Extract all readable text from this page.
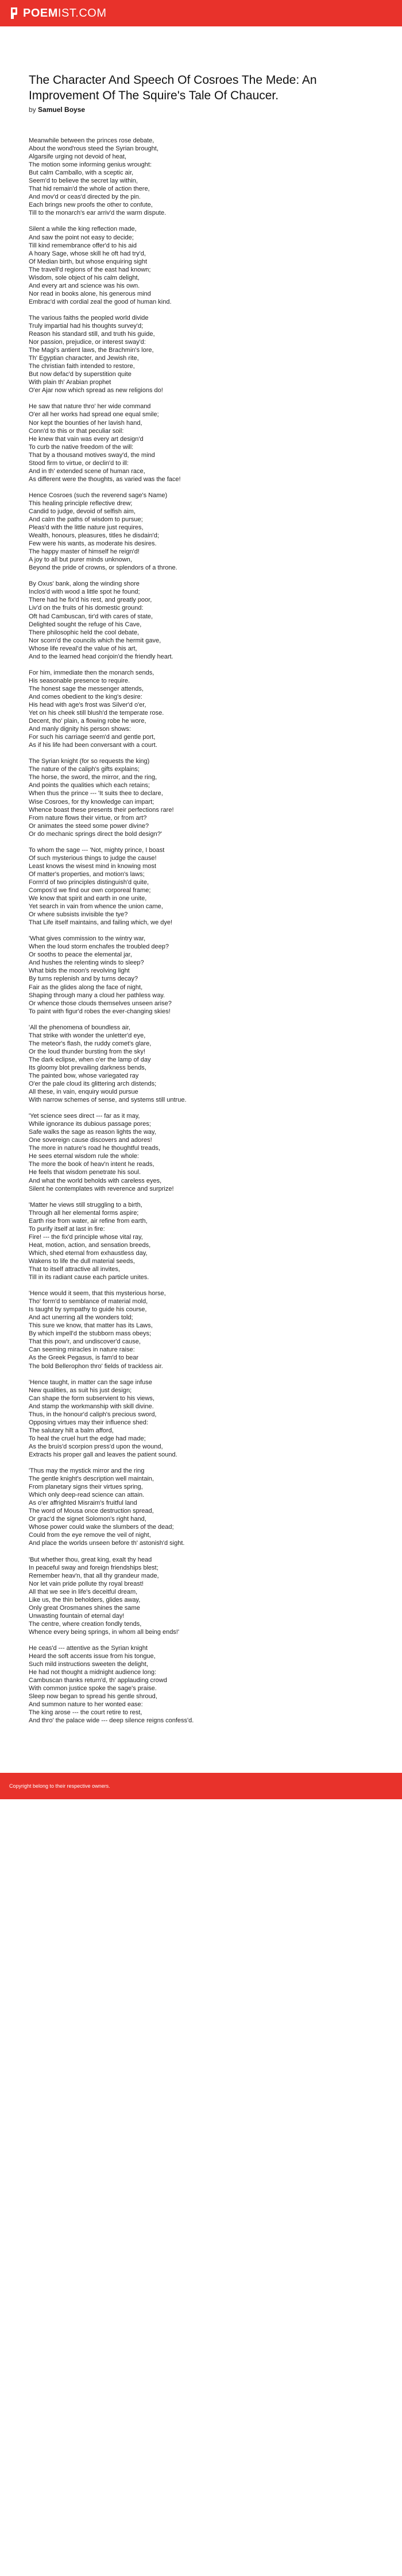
POEMIST.COM
The Character And Speech Of Cosroes The Mede: An Improvement Of The Squire's Tale Of Chaucer.
by Samuel Boyse
Meanwhile between the princes rose debate,
About the wond'rous steed the Syrian brought,
Algarsife urging not devoid of heat,
The motion some informing genius wrought:
But calm Camballo, with a sceptic air,
Seem'd to believe the secret lay within,
That hid remain'd the whole of action there,
And mov'd or ceas'd directed by the pin.
Each brings new proofs the other to confute,
Till to the monarch's ear arriv'd the warm dispute.
Silent a while the king reflection made,
And saw the point not easy to decide;
Till kind remembrance offer'd to his aid
A hoary Sage, whose skill he oft had try'd,
Of Median birth, but whose enquiring sight
The travell'd regions of the east had known;
Wisdom, sole object of his calm delight,
And every art and science was his own.
Nor read in books alone, his generous mind
Embrac'd with cordial zeal the good of human kind.
The various faiths the peopled world divide
Truly impartial had his thoughts survey'd;
Reason his standard still, and truth his guide,
Nor passion, prejudice, or interest sway'd:
The Magi's antient laws, the Brachmin's lore,
Th' Egyptian character, and Jewish rite,
The christian faith intended to restore,
But now defac'd by superstition quite
With plain th' Arabian prophet
O'er Ajar now which spread as new religions do!
He saw that nature thro' her wide command
O'er all her works had spread one equal smile;
Nor kept the bounties of her lavish hand,
Conn'd to this or that peculiar soil:
He knew that vain was every art design'd
To curb the native freedom of the will:
That by a thousand motives sway'd, the mind
Stood firm to virtue, or declin'd to ill:
And in th' extended scene of human race,
As different were the thoughts, as varied was the face!
Hence Cosroes (such the reverend sage's Name)
This healing principle reflective drew;
Candid to judge, devoid of selfish aim,
And calm the paths of wisdom to pursue;
Pleas'd with the little nature just requires,
Wealth, honours, pleasures, titles he disdain'd;
Few were his wants, as moderate his desires.
The happy master of himself he reign'd!
A joy to all but purer minds unknown,
Beyond the pride of crowns, or splendors of a throne.
By Oxus' bank, along the winding shore
Inclos'd with wood a little spot he found;
There had he fix'd his rest, and greatly poor,
Liv'd on the fruits of his domestic ground:
Oft had Cambuscan, tir'd with cares of state,
Delighted sought the refuge of his Cave,
There philosophic held the cool debate,
Nor scorn'd the councils which the hermit gave,
Whose life reveal'd the value of his art,
And to the learned head conjoin'd the friendly heart.
For him, immediate then the monarch sends,
His seasonable presence to require.
The honest sage the messenger attends,
And comes obedient to the king's desire:
His head with age's frost was Silver'd o'er,
Yet on his cheek still blush'd the temperate rose.
Decent, tho' plain, a flowing robe he wore,
And manly dignity his person shows:
For such his carriage seem'd and gentle port,
As if his life had been conversant with a court.
The Syrian knight (for so requests the king)
The nature of the caliph's gifts explains;
The horse, the sword, the mirror, and the ring,
And points the qualities which each retains;
When thus the prince --- 'It suits thee to declare,
Wise Cosroes, for thy knowledge can impart;
Whence boast these presents their perfections rare!
From nature flows their virtue, or from art?
Or animates the steed some power divine?
Or do mechanic springs direct the bold design?'
To whom the sage --- 'Not, mighty prince, I boast
Of such mysterious things to judge the cause!
Least knows the wisest mind in knowing most
Of matter's properties, and motion's laws;
Form'd of two principles distinguish'd quite,
Compos'd we find our own corporeal frame;
We know that spirit and earth in one unite,
Yet search in vain from whence the union came,
Or where subsists invisible the tye?
That Life itself maintains, and failing which, we dye!
'What gives commission to the wintry war,
When the loud storm enchafes the troubled deep?
Or sooths to peace the elemental jar,
And hushes the relenting winds to sleep?
What bids the moon's revolving light
By turns replenish and by turns decay?
Fair as the glides along the face of night,
Shaping through many a cloud her pathless way.
Or whence those clouds themselves unseen arise?
To paint with figur'd robes the ever-changing skies!
'All the phenomena of boundless air,
That strike with wonder the unletter'd eye,
The meteor's flash, the ruddy comet's glare,
Or the loud thunder bursting from the sky!
The dark eclipse, when o'er the lamp of day
Its gloomy blot prevailing darkness bends,
The painted bow, whose variegated ray
O'er the pale cloud its glittering arch distends;
All these, in vain, enquiry would pursue
With narrow schemes of sense, and systems still untrue.
'Yet science sees direct --- far as it may,
While ignorance its dubious passage pores;
Safe walks the sage as reason lights the way,
One sovereign cause discovers and adores!
The more in nature's road he thoughtful treads,
He sees eternal wisdom rule the whole:
The more the book of heav'n intent he reads,
He feels that wisdom penetrate his soul.
And what the world beholds with careless eyes,
Silent he contemplates with reverence and surprize!
'Matter he views still struggling to a birth,
Through all her elemental forms aspire;
Earth rise from water, air refine from earth,
To purify itself at last in fire:
Fire! --- the fix'd principle whose vital ray,
Heat, motion, action, and sensation breeds,
Which, shed eternal from exhaustless day,
Wakens to life the dull material seeds,
That to itself attractive all invites,
Till in its radiant cause each particle unites.
'Hence would it seem, that this mysterious horse,
Tho' form'd to semblance of material mold,
Is taught by sympathy to guide his course,
And act unerring all the wonders told;
This sure we know, that matter has its Laws,
By which impell'd the stubborn mass obeys;
That this pow'r, and undiscover'd cause,
Can seeming miracles in nature raise:
As the Greek Pegasus, is fam'd to bear
The bold Bellerophon thro' fields of trackless air.
'Hence taught, in matter can the sage infuse
New qualities, as suit his just design;
Can shape the form subservient to his views,
And stamp the workmanship with skill divine.
Thus, in the honour'd caliph's precious sword,
Opposing virtues may their influence shed:
The salutary hilt a balm afford,
To heal the cruel hurt the edge had made;
As the bruis'd scorpion press'd upon the wound,
Extracts his proper gall and leaves the patient sound.
'Thus may the mystick mirror and the ring
The gentle knight's description well maintain,
From planetary signs their virtues spring,
Which only deep-read science can attain.
As o'er affrighted Misraim's fruitful land
The word of Mousa once destruction spread,
Or grac'd the signet Solomon's right hand,
Whose power could wake the slumbers of the dead;
Could from the eye remove the veil of night,
And place the worlds unseen before th' astonish'd sight.
'But whether thou, great king, exalt thy head
In peaceful sway and foreign friendships blest;
Remember heav'n, that all thy grandeur made,
Nor let vain pride pollute thy royal breast!
All that we see in life's deceitful dream,
Like us, the thin beholders, glides away,
Only great Orosmanes shines the same
Unwasting fountain of eternal day!
The centre, where creation fondly tends,
Whence every being springs, in whom all being ends!'
He ceas'd --- attentive as the Syrian knight
Heard the soft accents issue from his tongue,
Such mild instructions sweeten the delight,
He had not thought a midnight audience long:
Cambuscan thanks return'd, th' applauding crowd
With common justice spoke the sage's praise.
Sleep now began to spread his gentle shroud,
And summon nature to her wonted ease:
The king arose --- the court retire to rest,
And thro' the palace wide --- deep silence reigns confess'd.
Copyright belong to their respective owners.
